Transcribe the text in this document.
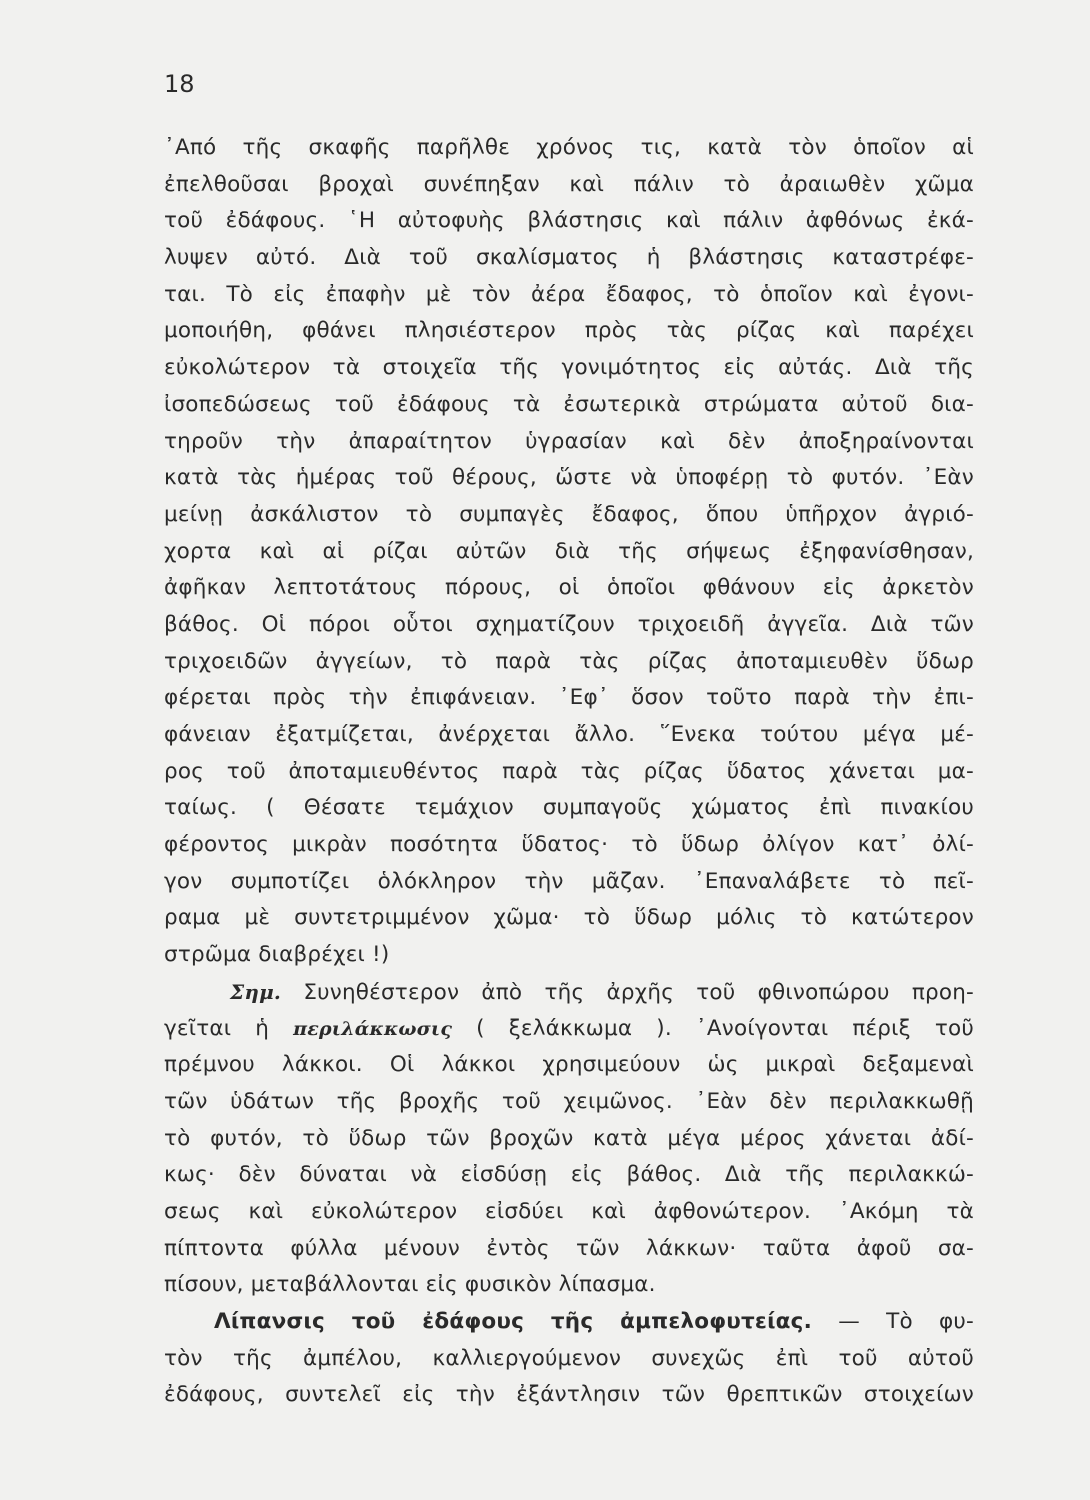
18

᾿Από τῆς σκαφῆς παρῆλθε χρόνος τις, κατὰ τὸν ὁποῖον αἱ
ἐπελθοῦσαι βροχαὶ συνέπηξαν καὶ πάλιν τὸ ἀραιωθὲν χῶμα
τοῦ ἐδάφους. ῾Η αὐτοφυὴς βλάστησις καὶ πάλιν ἀφθόνως ἐκά-
λυψεν αὐτό. Διὰ τοῦ σκαλίσματος ἡ βλάστησις καταστρέφε-
ται. Τὸ εἰς ἐπαφὴν μὲ τὸν ἀέρα ἔδαφος, τὸ ὁποῖον καὶ ἐγονι-
μοποιήθη, φθάνει πλησιέστερον πρὸς τὰς ρίζας καὶ παρέχει
εὐκολώτερον τὰ στοιχεῖα τῆς γονιμότητος εἰς αὐτάς. Διὰ τῆς
ἰσοπεδώσεως τοῦ ἐδάφους τὰ ἐσωτερικὰ στρώματα αὐτοῦ δια-
τηροῦν τὴν ἀπαραίτητον ὑγρασίαν καὶ δὲν ἀποξηραίνονται
κατὰ τὰς ἡμέρας τοῦ θέρους, ὥστε νὰ ὑποφέρῃ τὸ φυτόν. ᾿Εὰν
μείνῃ ἀσκάλιστον τὸ συμπαγὲς ἔδαφος, ὅπου ὑπῆρχον ἀγριό-
χορτα καὶ αἱ ρίζαι αὐτῶν διὰ τῆς σήψεως ἐξηφανίσθησαν,
ἀφῆκαν λεπτοτάτους πόρους, οἱ ὁποῖοι φθάνουν εἰς ἀρκετὸν
βάθος. Οἱ πόροι οὗτοι σχηματίζουν τριχοειδῆ ἀγγεῖα. Διὰ τῶν
τριχοειδῶν ἀγγείων, τὸ παρὰ τὰς ρίζας ἀποταμιευθὲν ὕδωρ
φέρεται πρὸς τὴν ἐπιφάνειαν. ᾿Εφ᾿ ὅσον τοῦτο παρὰ τὴν ἐπι-
φάνειαν ἐξατμίζεται, ἀνέρχεται ἄλλο. ῞Ενεκα τούτου μέγα μέ-
ρος τοῦ ἀποταμιευθέντος παρὰ τὰς ρίζας ὕδατος χάνεται μα-
ταίως. ( Θέσατε τεμάχιον συμπαγοῦς χώματος ἐπὶ πινακίου
φέροντος μικρὰν ποσότητα ὕδατος· τὸ ὕδωρ ὀλίγον κατ᾿ ὀλί-
γον συμποτίζει ὁλόκληρον τὴν μᾶζαν. ᾿Επαναλάβετε τὸ πεῖ-
ραμα μὲ συντετριμμένον χῶμα· τὸ ὕδωρ μόλις τὸ κατώτερον
στρῶμα διαβρέχει !)
Σημ. Συνηθέστερον ἀπὸ τῆς ἀρχῆς τοῦ φθινοπώρου προη-
γεῖται ἡ περιλάκκωσις ( ξελάκκωμα ). ᾿Ανοίγονται πέριξ τοῦ
πρέμνου λάκκοι. Οἱ λάκκοι χρησιμεύουν ὡς μικραὶ δεξαμεναὶ
τῶν ὑδάτων τῆς βροχῆς τοῦ χειμῶνος. ᾿Εὰν δὲν περιλακκωθῇ
τὸ φυτόν, τὸ ὕδωρ τῶν βροχῶν κατὰ μέγα μέρος χάνεται ἀδί-
κως· δὲν δύναται νὰ εἰσδύσῃ εἰς βάθος. Διὰ τῆς περιλακκώ-
σεως καὶ εὐκολώτερον εἰσδύει καὶ ἀφθονώτερον. ᾿Ακόμη τὰ
πίπτοντα φύλλα μένουν ἐντὸς τῶν λάκκων· ταῦτα ἀφοῦ σα-
πίσουν, μεταβάλλονται εἰς φυσικὸν λίπασμα.
Λίπανσις τοῦ ἐδάφους τῆς ἀμπελοφυτείας. — Τὸ φυ-
τὸν τῆς ἀμπέλου, καλλιεργούμενον συνεχῶς ἐπὶ τοῦ αὐτοῦ
ἐδάφους, συντελεῖ εἰς τὴν ἐξάντλησιν τῶν θρεπτικῶν στοιχείων
